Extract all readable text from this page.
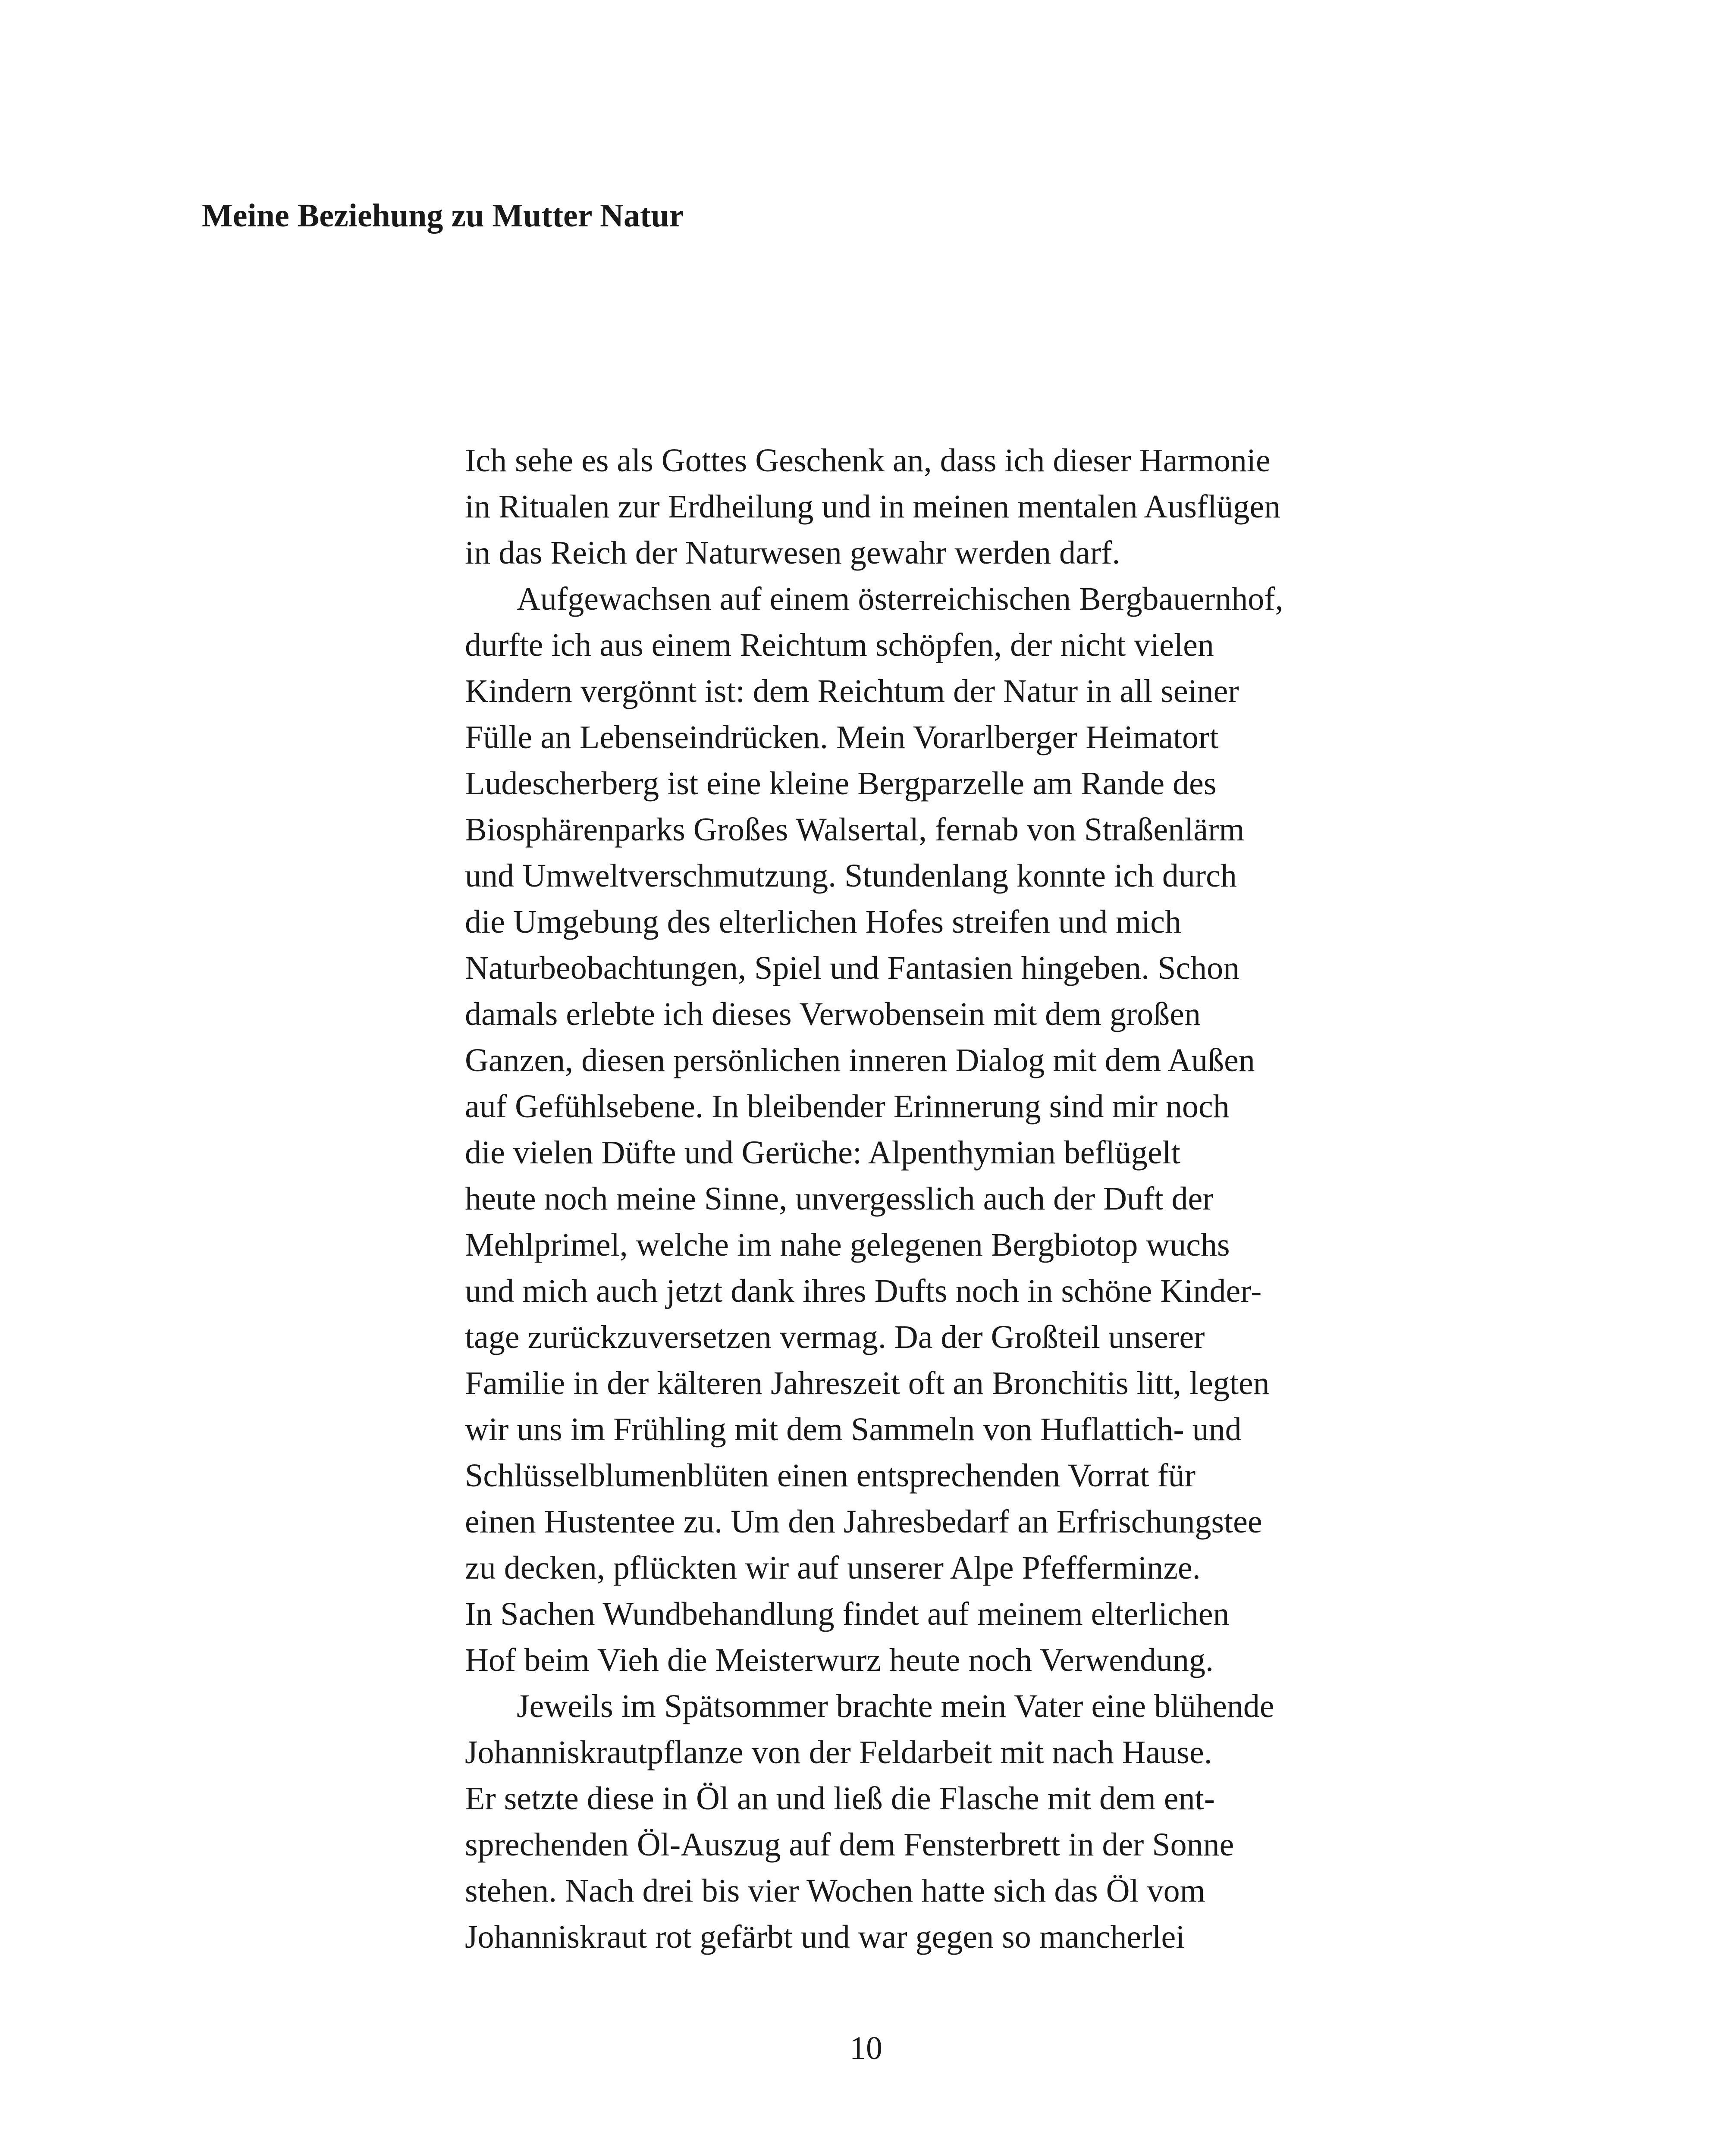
Meine Beziehung zu Mutter Natur
Ich sehe es als Gottes Geschenk an, dass ich dieser Harmonie
in Ritualen zur Erdheilung und in meinen mentalen Ausflügen
in das Reich der Naturwesen gewahr werden darf.
Aufgewachsen auf einem österreichischen Bergbauernhof,
durfte ich aus einem Reichtum schöpfen, der nicht vielen
Kindern vergönnt ist: dem Reichtum der Natur in all seiner
Fülle an Lebenseindrücken. Mein Vorarlberger Heimatort
Ludescherberg ist eine kleine Bergparzelle am Rande des
Biosphärenparks Großes Walsertal, fernab von Straßenlärm
und Umweltverschmutzung. Stundenlang konnte ich durch
die Umgebung des elterlichen Hofes streifen und mich
Naturbeobachtungen, Spiel und Fantasien hingeben. Schon
damals erlebte ich dieses Verwobensein mit dem großen
Ganzen, diesen persönlichen inneren Dialog mit dem Außen
auf Gefühlsebene. In bleibender Erinnerung sind mir noch
die vielen Düfte und Gerüche: Alpenthymian beflügelt
heute noch meine Sinne, unvergesslich auch der Duft der
Mehlprimel, welche im nahe gelegenen Bergbiotop wuchs
und mich auch jetzt dank ihres Dufts noch in schöne Kinder-
tage zurückzuversetzen vermag. Da der Großteil unserer
Familie in der kälteren Jahreszeit oft an Bronchitis litt, legten
wir uns im Frühling mit dem Sammeln von Huflattich- und
Schlüsselblumenblüten einen entsprechenden Vorrat für
einen Hustentee zu. Um den Jahresbedarf an Erfrischungstee
zu decken, pflückten wir auf unserer Alpe Pfefferminze.
In Sachen Wundbehandlung findet auf meinem elterlichen
Hof beim Vieh die Meisterwurz heute noch Verwendung.
Jeweils im Spätsommer brachte mein Vater eine blühende
Johanniskrautpflanze von der Feldarbeit mit nach Hause.
Er setzte diese in Öl an und ließ die Flasche mit dem ent-
sprechenden Öl-Auszug auf dem Fensterbrett in der Sonne
stehen. Nach drei bis vier Wochen hatte sich das Öl vom
Johanniskraut rot gefärbt und war gegen so mancherlei
10
